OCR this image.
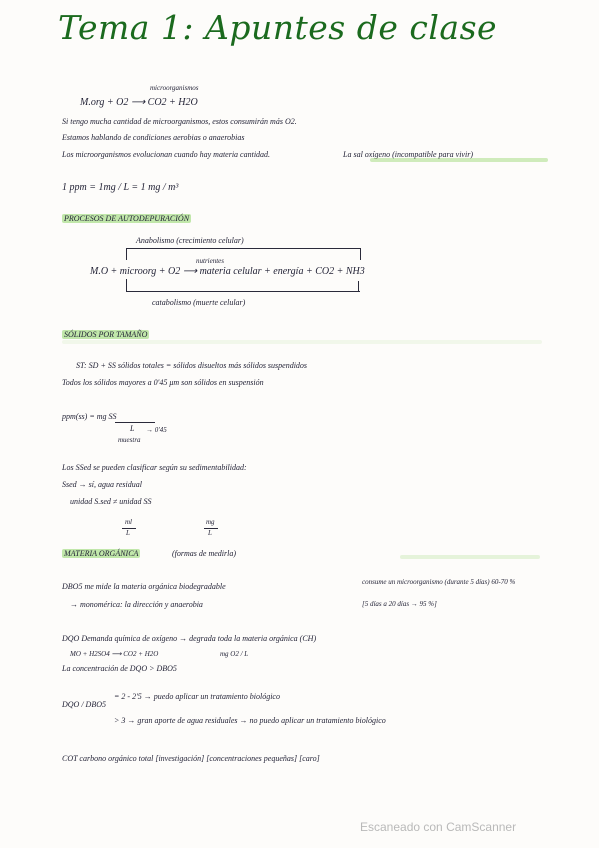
Tema 1: Apuntes de clase
microorganismos
M.org + O2 ⟶ CO2 + H2O
Si tengo mucha cantidad de microorganismos, estos consumirán más O2.
Estamos hablando de condiciones aerobias o anaerobias
Los microorganismos evolucionan cuando hay materia cantidad.	La sal oxígeno (incompatible para vivir)
1 ppm = 1mg / L = 1 mg / m³
PROCESOS DE AUTODEPURACIÓN
Anabolismo (crecimiento celular)
nutrientes
M.O + microorg + O2 ⟶ materia celular + energía + CO2 + NH3
catabolismo (muerte celular)
SÓLIDOS POR TAMAÑO
ST: SD + SS sólidos totales = sólidos disueltos más sólidos suspendidos
Todos los sólidos mayores a 0'45 μm son sólidos en suspensión
ppm(ss) = mg SS
L → 0'45
muestra
Los SSed se pueden clasificar según su sedimentabilidad:
Ssed → sí, agua residual
unidad S.sed ≠ unidad SS
ml
L
mg
L
MATERIA ORGÁNICA	(formas de medirla)
DBO5 me mide la materia orgánica biodegradable	consume un microorganismo (durante 5 días) 60-70 %
→ monomérica: la dirección y anaerobia	[5 días a 20 días → 95 %]
DQO Demanda química de oxígeno → degrada toda la materia orgánica (CH)
MO + H2SO4 ⟶ CO2 + H2O	mg O2 / L
La concentración de DQO > DBO5
DQO / DBO5
= 2 - 2'5 → puedo aplicar un tratamiento biológico
> 3 → gran aporte de agua residuales → no puedo aplicar un tratamiento biológico
COT carbono orgánico total [investigación] [concentraciones pequeñas] [caro]
Escaneado con CamScanner
